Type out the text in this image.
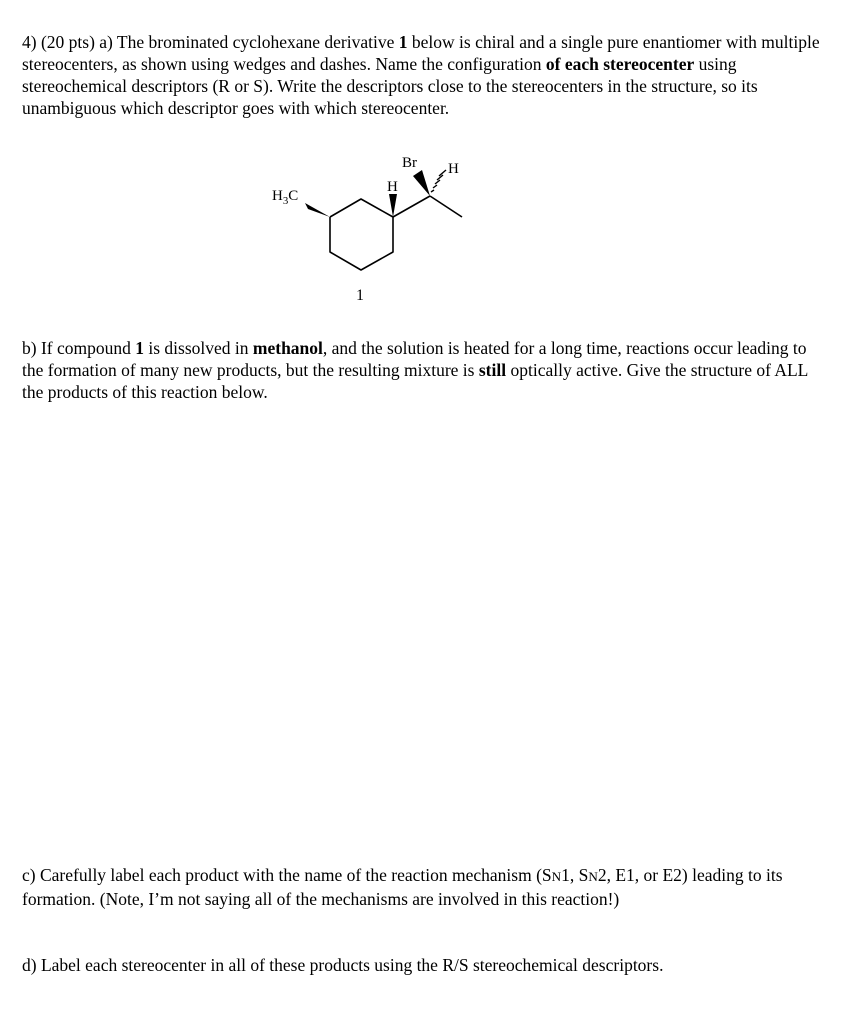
4) (20 pts) a) The brominated cyclohexane derivative 1 below is chiral and a single pure enantiomer with multiple stereocenters, as shown using wedges and dashes. Name the configuration of each stereocenter using stereochemical descriptors (R or S). Write the descriptors close to the stereocenters in the structure, so its unambiguous which descriptor goes with which stereocenter.

$H_3C$
H
Br H
1

b) If compound 1 is dissolved in methanol, and the solution is heated for a long time, reactions occur leading to the formation of many new products, but the resulting mixture is still optically active. Give the structure of ALL the products of this reaction below.

c) Carefully label each product with the name of the reaction mechanism (SN1, SN2, E1, or E2) leading to its formation. (Note, I’m not saying all of the mechanisms are involved in this reaction!)

d) Label each stereocenter in all of these products using the R/S stereochemical descriptors.
